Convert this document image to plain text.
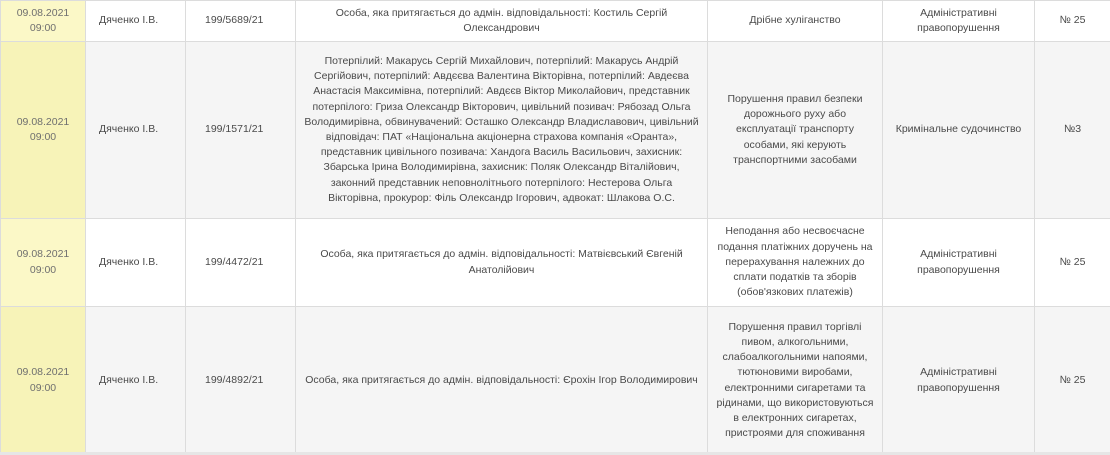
09.08.2021
09:00	Дяченко І.В.	199/5689/21	Особа, яка притягається до адмін. відповідальності: Костиль Сергій Олександрович	Дрібне хуліганство	Адміністративні правопорушення	№ 25

09.08.2021
09:00	Дяченко І.В.	199/1571/21	Потерпілий: Макарусь Сергій Михайлович, потерпілий: Макарусь Андрій Сергійович, потерпілий: Авдєєва Валентина Вікторівна, потерпілий: Авдеєва Анастасія Максимівна, потерпілий: Авдєєв Віктор Миколайович, представник потерпілого: Гриза Олександр Вікторович, цивільний позивач: Рябозад Ольга Володимирівна, обвинувачений: Осташко Олександр Владиславович, цивільний відповідач: ПАТ «Національна акціонерна страхова компанія «Оранта», представник цивільного позивача: Хандога Василь Васильович, захисник: Збарська Ірина Володимирівна, захисник: Поляк Олександр Віталійович, законний представник неповнолітнього потерпілого: Нестерова Ольга Вікторівна, прокурор: Філь Олександр Ігорович, адвокат: Шлакова О.С.	Порушення правил безпеки дорожнього руху або експлуатації транспорту особами, які керують транспортними засобами	Кримінальне судочинство	№3

09.08.2021
09:00	Дяченко І.В.	199/4472/21	Особа, яка притягається до адмін. відповідальності: Матвієвський Євгеній Анатолійович	Неподання або несвоєчасне подання платіжних доручень на перерахування належних до сплати податків та зборів (обов'язкових платежів)	Адміністративні правопорушення	№ 25

09.08.2021
09:00	Дяченко І.В.	199/4892/21	Особа, яка притягається до адмін. відповідальності: Єрохін Ігор Володимирович	Порушення правил торгівлі пивом, алкогольними, слабоалкогольними напоями, тютюновими виробами, електронними сигаретами та рідинами, що використовуються в електронних сигаретах, пристроями для споживання	Адміністративні правопорушення	№ 25
